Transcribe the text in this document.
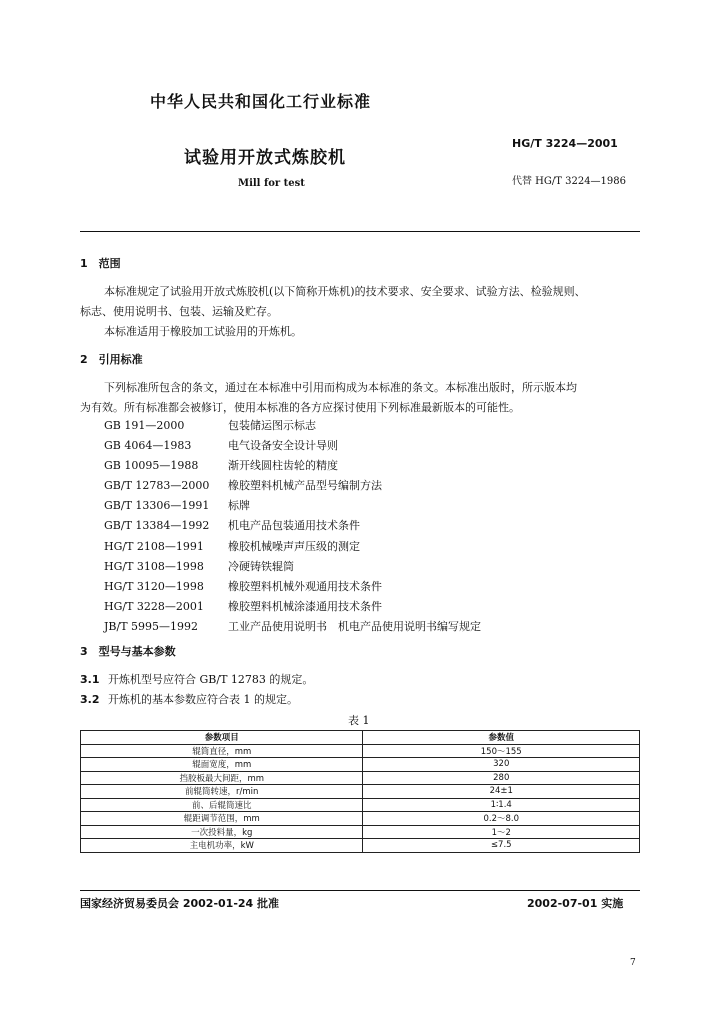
中华人民共和国化工行业标准
试验用开放式炼胶机
Mill for test
HG/T 3224—2001
代替 HG/T 3224—1986
1　范围
本标准规定了试验用开放式炼胶机(以下简称开炼机)的技术要求、安全要求、试验方法、检验规则、
标志、使用说明书、包装、运输及贮存。
本标准适用于橡胶加工试验用的开炼机。
2　引用标准
下列标准所包含的条文，通过在本标准中引用而构成为本标准的条文。本标准出版时，所示版本均
为有效。所有标准都会被修订，使用本标准的各方应探讨使用下列标准最新版本的可能性。
GB 191—2000	包装储运图示标志
GB 4064—1983	电气设备安全设计导则
GB 10095—1988	渐开线圆柱齿轮的精度
GB/T 12783—2000 橡胶塑料机械产品型号编制方法
GB/T 13306—1991 标牌
GB/T 13384—1992 机电产品包装通用技术条件
HG/T 2108—1991 橡胶机械噪声声压级的测定
HG/T 3108—1998 冷硬铸铁辊筒
HG/T 3120—1998 橡胶塑料机械外观通用技术条件
HG/T 3228—2001 橡胶塑料机械涂漆通用技术条件
JB/T 5995—1992	工业产品使用说明书　机电产品使用说明书编写规定
3　型号与基本参数
3.1 开炼机型号应符合 GB/T 12783 的规定。
3.2 开炼机的基本参数应符合表 1 的规定。
表 1
参数项目	参数值
辊筒直径，mm	150～155
辊面宽度，mm	320
挡胶板最大间距，mm	280
前辊筒转速，r/min	24±1
前、后辊筒速比	1∶1.4
辊距调节范围，mm	0.2～8.0
一次投料量，kg	1～2
主电机功率，kW	≤7.5
国家经济贸易委员会 2002-01-24 批准	2002-07-01 实施
7
